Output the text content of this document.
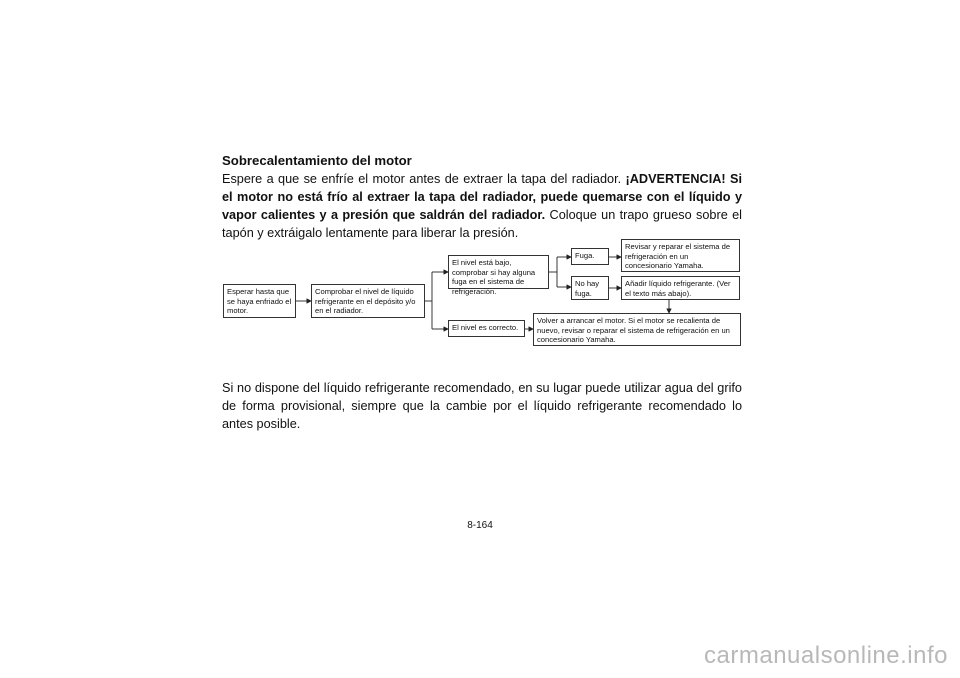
Sobrecalentamiento del motor
Espere a que se enfríe el motor antes de extraer la tapa del radiador. ¡ADVERTENCIA! Si el motor no está frío al extraer la tapa del radiador, puede quemarse con el líquido y vapor calientes y a presión que saldrán del radiador. Coloque un trapo grueso sobre el tapón y extráigalo lentamente para liberar la presión.
Esperar hasta que se haya enfriado el motor.
Comprobar el nivel de líquido refrigerante en el depósito y/o en el radiador.
El nivel está bajo, comprobar si hay alguna fuga en el sistema de refrigeración.
El nivel es correcto.
Fuga.
No hay fuga.
Revisar y reparar el sistema de refrigeración en un concesionario Yamaha.
Añadir líquido refrigerante. (Ver el texto más abajo).
Volver a arrancar el motor. Si el motor se recalienta de nuevo, revisar o reparar el sistema de refrigeración en un concesionario Yamaha.
Si no dispone del líquido refrigerante recomendado, en su lugar puede utilizar agua del grifo de forma provisional, siempre que la cambie por el líquido refrigerante recomendado lo antes posible.
8-164
carmanualsonline.info
